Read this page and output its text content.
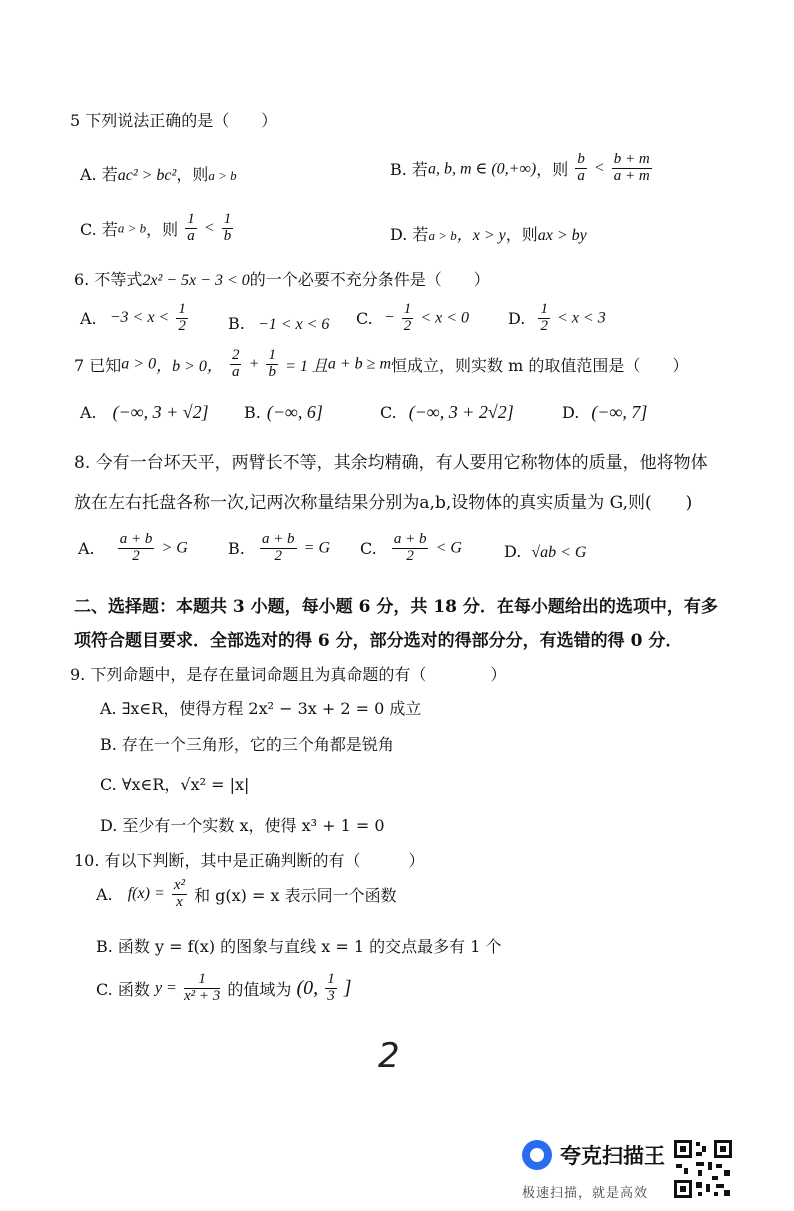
5 下列说法正确的是（　　）
A. 若ac² > bc²，则a > b	B. 若a, b, m ∈ (0,+∞)，则 $\frac{b}{a} < \frac{b + m}{a + m}$
C. 若a > b，则 $\frac{1}{a} < \frac{1}{b}$	D. 若a > b，x > y，则ax > by
6. 不等式2x² − 5x − 3 < 0的一个必要不充分条件是（　　）
A. $-3 < x < \frac{1}{2}$	B. −1 < x < 6 C. − $\frac{1}{2} < x < 0$ D. $\frac{1}{2} < x < 3$
7 已知a > 0，b > 0， $\frac{2}{a} + \frac{1}{b} = 1$ 且a + b ≥ m恒成立，则实数 m 的取值范围是（　　）
A. (−∞, 3 + √2] B. (−∞, 6]	C. (−∞, 3 + 2√2]	D. (−∞, 7]
8. 今有一台坏天平，两臂长不等，其余均精确，有人要用它称物体的质量，他将物体
放在左右托盘各称一次,记两次称量结果分别为a,b,设物体的真实质量为 G,则(　　)
A. $\frac{a + b}{2} > G$	B. $\frac{a + b}{2} = G$ C. $\frac{a + b}{2} < G$	D. √ab < G
二、选择题：本题共 3 小题，每小题 6 分，共 18 分．在每小题给出的选项中，有多
项符合题目要求．全部选对的得 6 分，部分选对的得部分分，有选错的得 0 分．
9. 下列命题中，是存在量词命题且为真命题的有（　　　　）
A. ∃x∈R，使得方程 2x² − 3x + 2 = 0 成立
B. 存在一个三角形，它的三个角都是锐角
C. ∀x∈R，√x² = |x|
D. 至少有一个实数 x，使得 x³ + 1 = 0
10. 有以下判断，其中是正确判断的有（　　　）
A. $f(x) = \frac{\text{x²}}{x}$ 和 g(x) = x 表示同一个函数
B. 函数 y = f(x) 的图象与直线 x = 1 的交点最多有 1 个
C. 函数 $y = \frac{1}{\text{x² + 3}}$ 的值域为 (0, $\frac{1}{3}$ ]
2
夸克扫描王
极速扫描，就是高效
